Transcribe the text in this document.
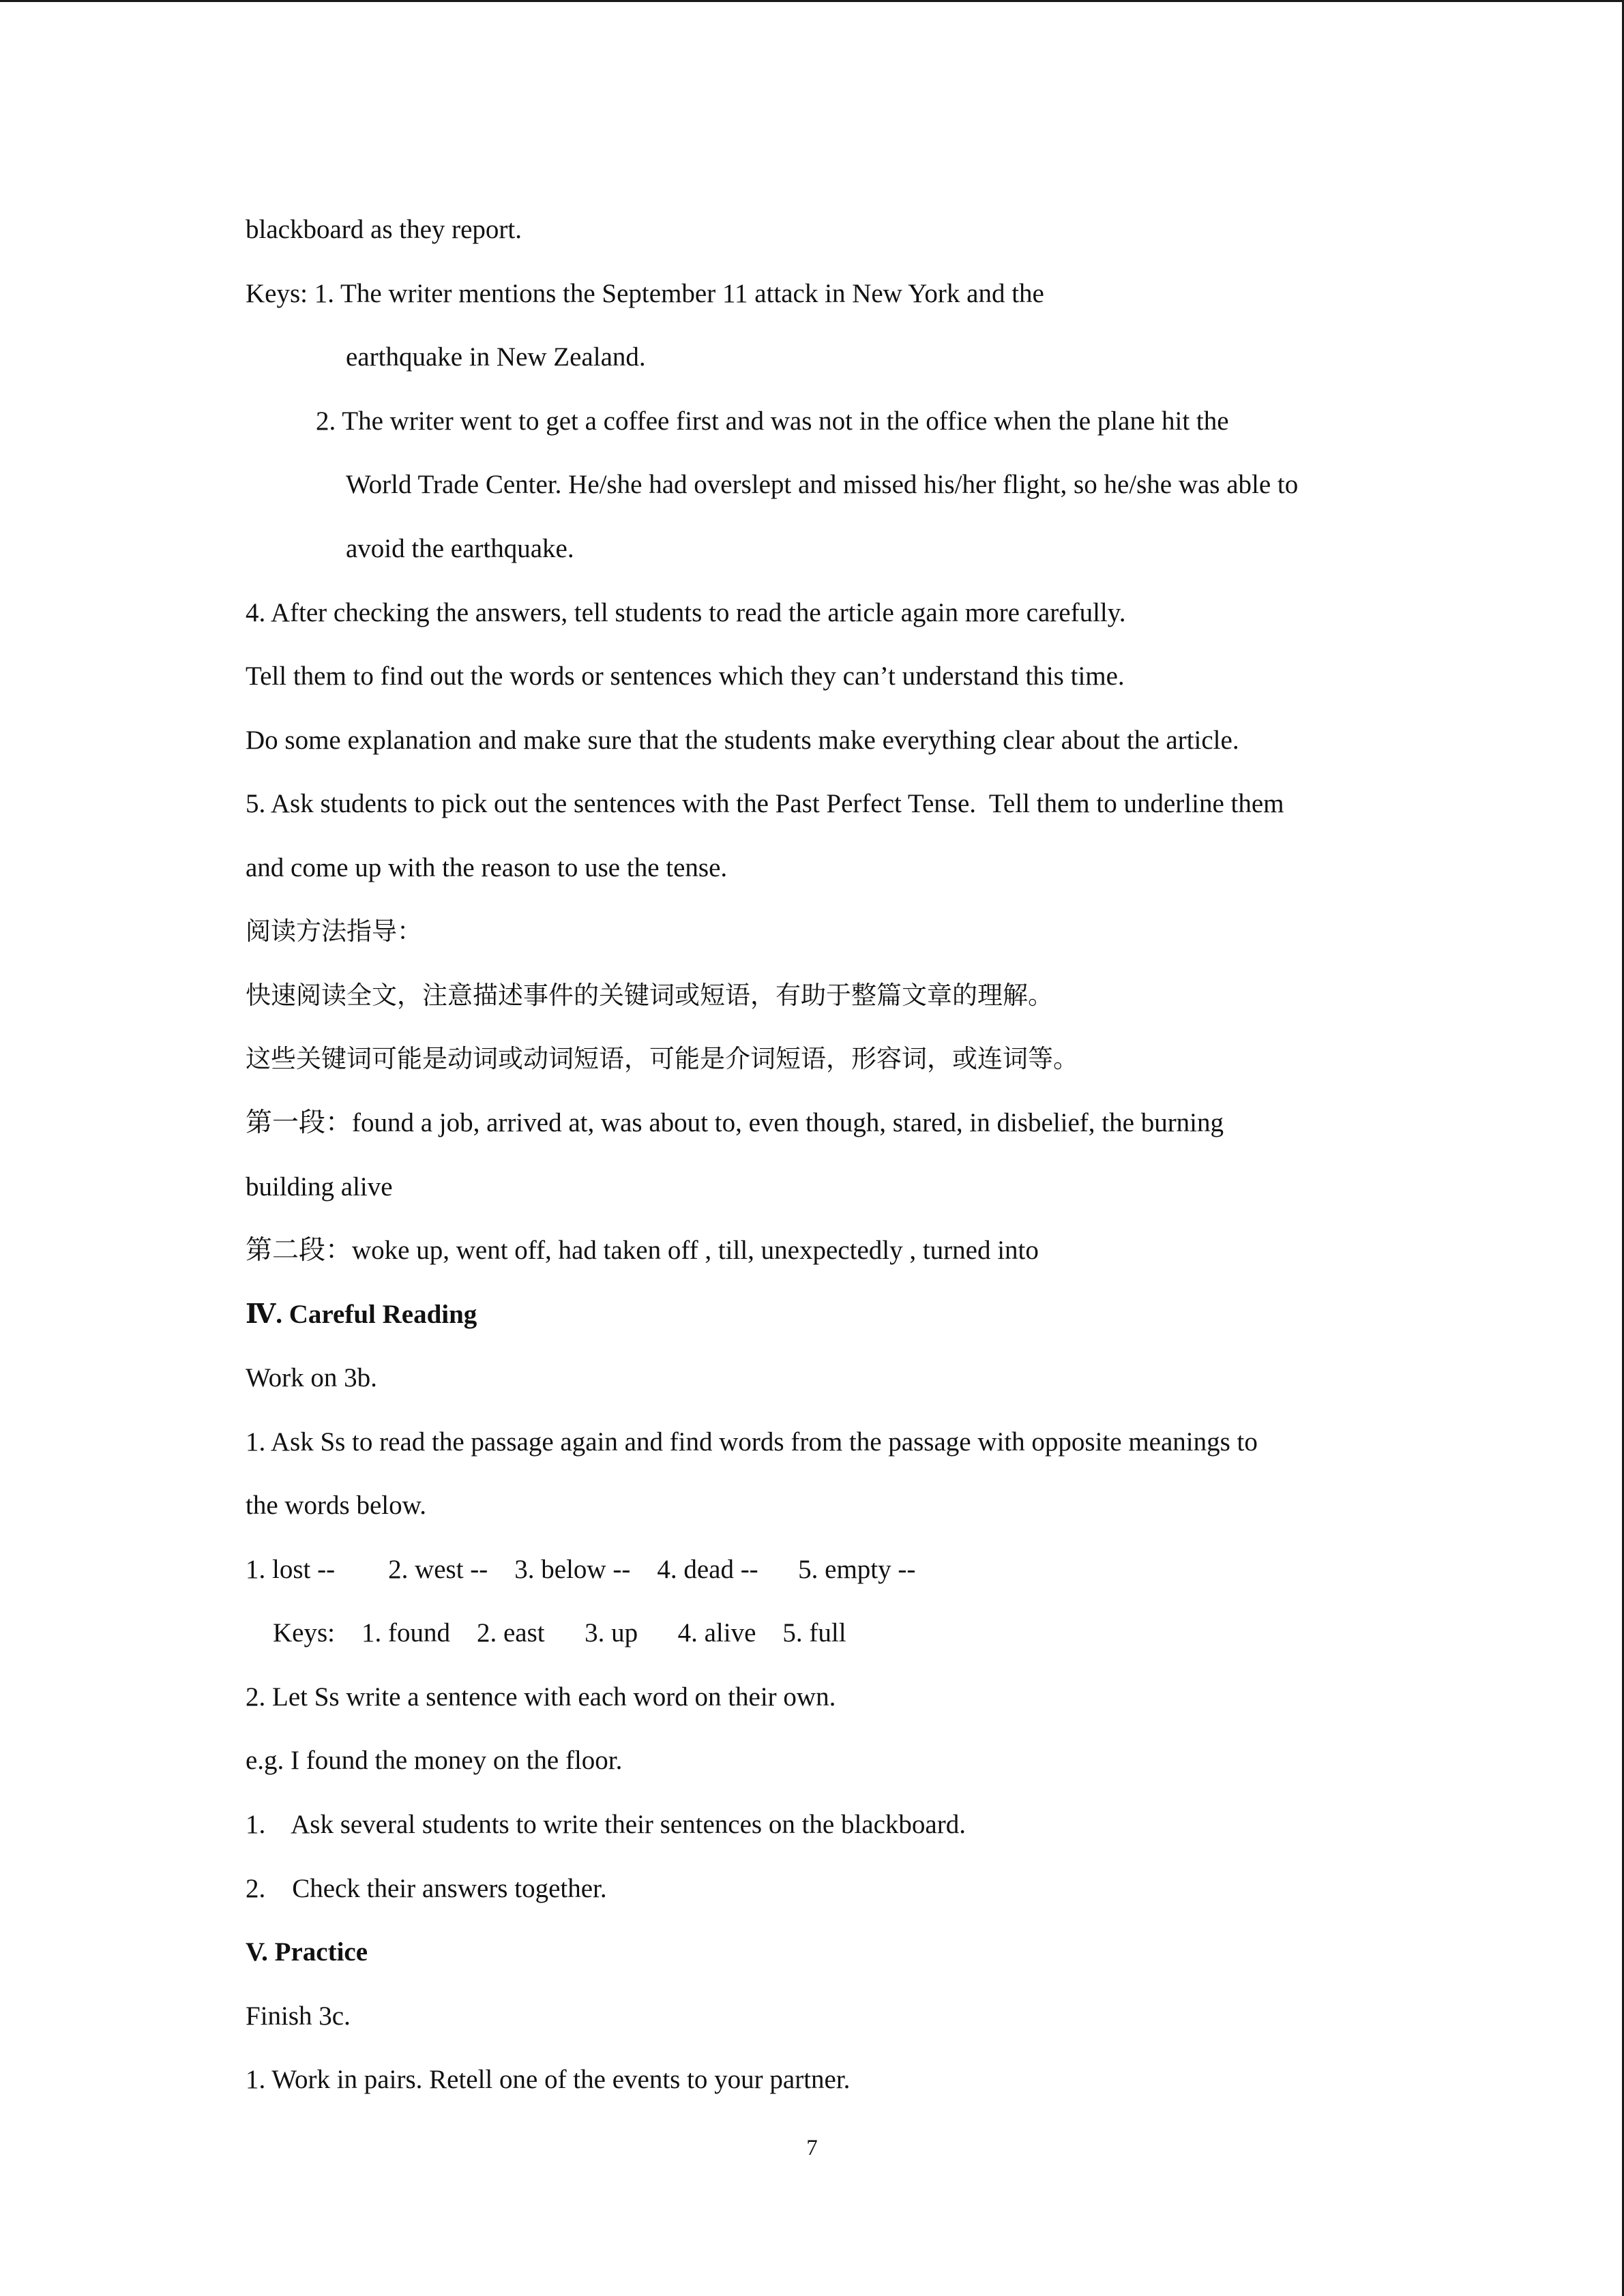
blackboard as they report.
Keys: 1. The writer mentions the September 11 attack in New York and the
earthquake in New Zealand.
2. The writer went to get a coffee first and was not in the office when the plane hit the
World Trade Center. He/she had overslept and missed his/her flight, so he/she was able to
avoid the earthquake.
4. After checking the answers, tell students to read the article again more carefully.
Tell them to find out the words or sentences which they can’t understand this time.
Do some explanation and make sure that the students make everything clear about the article.
5. Ask students to pick out the sentences with the Past Perfect Tense.  Tell them to underline them
and come up with the reason to use the tense.
阅读方法指导：
快速阅读全文，注意描述事件的关键词或短语，有助于整篇文章的理解。
这些关键词可能是动词或动词短语，可能是介词短语，形容词，或连词等。
第一段：found a job, arrived at, was about to, even though, stared, in disbelief, the burning
building alive
第二段：woke up, went off, had taken off , till, unexpectedly , turned into
Ⅳ. Careful Reading
Work on 3b.
1. Ask Ss to read the passage again and find words from the passage with opposite meanings to
the words below.
1. lost --        2. west --    3. below --    4. dead --      5. empty --
Keys:    1. found    2. east      3. up      4. alive    5. full
2. Let Ss write a sentence with each word on their own.
e.g. I found the money on the floor.
1.    Ask several students to write their sentences on the blackboard.
2.    Check their answers together.
V. Practice
Finish 3c.
1. Work in pairs. Retell one of the events to your partner.
7
